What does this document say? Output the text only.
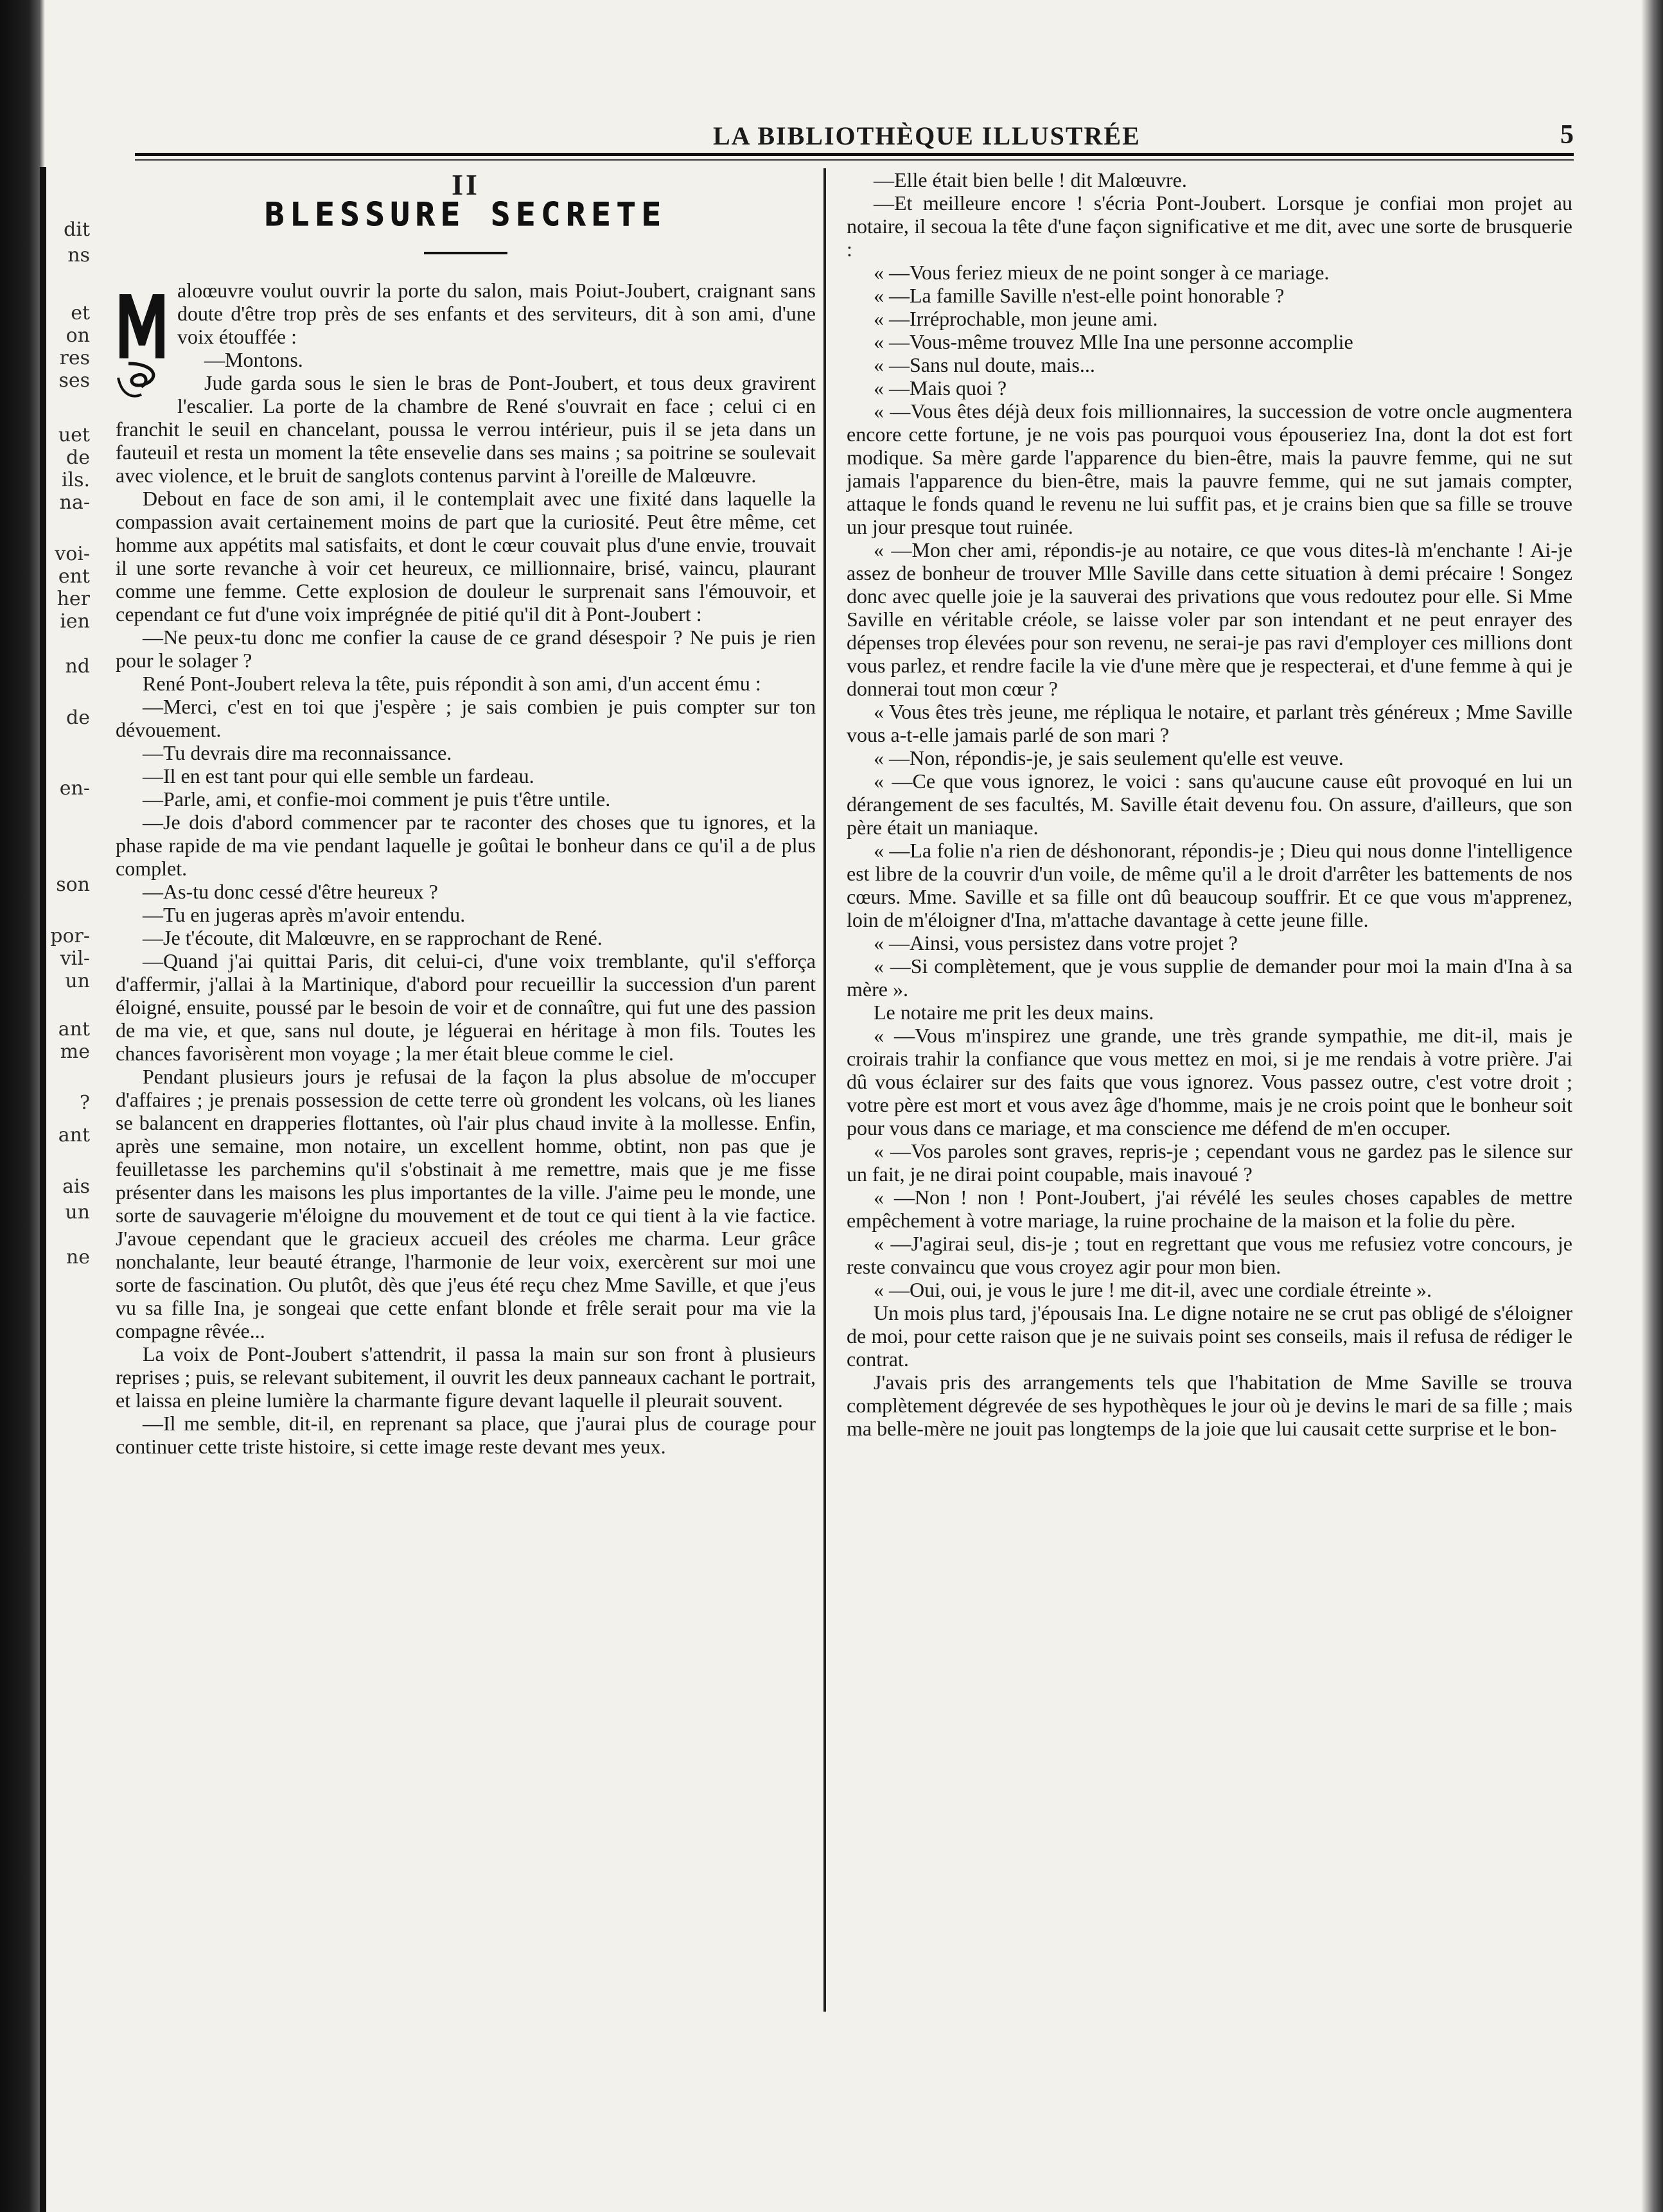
dit
ns
et
on
res
ses
uet
de
ils.
na-
voi-
ent
her
ien
nd
de
en-
son
por-
vil-
un
ant
me
?
ant
ais
un
ne
LA BIBLIOTHÈQUE ILLUSTRÉE	5
II
BLESSURE SECRETE

aloœuvre voulut ouvrir la porte du salon, mais Poiut-Joubert, craignant sans doute d'être trop près de ses enfants et des serviteurs, dit à son ami, d'une voix étouffée :

—Montons.

Jude garda sous le sien le bras de Pont-Joubert, et tous deux gravirent l'escalier. La porte de la chambre de René s'ouvrait en face ; celui ci en franchit le seuil en chancelant, poussa le verrou intérieur, puis il se jeta dans un fauteuil et resta un moment la tête ensevelie dans ses mains ; sa poitrine se soulevait avec violence, et le bruit de sanglots contenus parvint à l'oreille de Malœuvre.

Debout en face de son ami, il le contemplait avec une fixité dans laquelle la compassion avait certainement moins de part que la curiosité. Peut être même, cet homme aux appétits mal satisfaits, et dont le cœur couvait plus d'une envie, trouvait il une sorte revanche à voir cet heureux, ce millionnaire, brisé, vaincu, plaurant comme une femme. Cette explosion de douleur le surprenait sans l'émouvoir, et cependant ce fut d'une voix imprégnée de pitié qu'il dit à Pont-Joubert :

—Ne peux-tu donc me confier la cause de ce grand désespoir ? Ne puis je rien pour le solager ?

René Pont-Joubert releva la tête, puis répondit à son ami, d'un accent ému :

—Merci, c'est en toi que j'espère ; je sais combien je puis compter sur ton dévouement.

—Tu devrais dire ma reconnaissance.

—Il en est tant pour qui elle semble un fardeau.

—Parle, ami, et confie-moi comment je puis t'être untile.

—Je dois d'abord commencer par te raconter des choses que tu ignores, et la phase rapide de ma vie pendant laquelle je goûtai le bonheur dans ce qu'il a de plus complet.

—As-tu donc cessé d'être heureux ?

—Tu en jugeras après m'avoir entendu.

—Je t'écoute, dit Malœuvre, en se rapprochant de René.

—Quand j'ai quittai Paris, dit celui-ci, d'une voix tremblante, qu'il s'efforça d'affermir, j'allai à la Martinique, d'abord pour recueillir la succession d'un parent éloigné, ensuite, poussé par le besoin de voir et de connaître, qui fut une des passion de ma vie, et que, sans nul doute, je léguerai en héritage à mon fils. Toutes les chances favorisèrent mon voyage ; la mer était bleue comme le ciel.

Pendant plusieurs jours je refusai de la façon la plus absolue de m'occuper d'affaires ; je prenais possession de cette terre où grondent les volcans, où les lianes se balancent en drapperies flottantes, où l'air plus chaud invite à la mollesse. Enfin, après une semaine, mon notaire, un excellent homme, obtint, non pas que je feuilletasse les parchemins qu'il s'obstinait à me remettre, mais que je me fisse présenter dans les maisons les plus importantes de la ville. J'aime peu le monde, une sorte de sauvagerie m'éloigne du mouvement et de tout ce qui tient à la vie factice. J'avoue cependant que le gracieux accueil des créoles me charma. Leur grâce nonchalante, leur beauté étrange, l'harmonie de leur voix, exercèrent sur moi une sorte de fascination. Ou plutôt, dès que j'eus été reçu chez Mme Saville, et que j'eus vu sa fille Ina, je songeai que cette enfant blonde et frêle serait pour ma vie la compagne rêvée...

La voix de Pont-Joubert s'attendrit, il passa la main sur son front à plusieurs reprises ; puis, se relevant subitement, il ouvrit les deux panneaux cachant le portrait, et laissa en pleine lumière la charmante figure devant laquelle il pleurait souvent.

—Il me semble, dit-il, en reprenant sa place, que j'aurai plus de courage pour continuer cette triste histoire, si cette image reste devant mes yeux.

—Elle était bien belle ! dit Malœuvre.

—Et meilleure encore ! s'écria Pont-Joubert. Lorsque je confiai mon projet au notaire, il secoua la tête d'une façon significative et me dit, avec une sorte de brusquerie :

« —Vous feriez mieux de ne point songer à ce mariage.

« —La famille Saville n'est-elle point honorable ?

« —Irréprochable, mon jeune ami.

« —Vous-même trouvez Mlle Ina une personne accomplie

« —Sans nul doute, mais...

« —Mais quoi ?

« —Vous êtes déjà deux fois millionnaires, la succession de votre oncle augmentera encore cette fortune, je ne vois pas pourquoi vous épouseriez Ina, dont la dot est fort modique. Sa mère garde l'apparence du bien-être, mais la pauvre femme, qui ne sut jamais l'apparence du bien-être, mais la pauvre femme, qui ne sut jamais compter, attaque le fonds quand le revenu ne lui suffit pas, et je crains bien que sa fille se trouve un jour presque tout ruinée.

« —Mon cher ami, répondis-je au notaire, ce que vous dites-là m'enchante ! Ai-je assez de bonheur de trouver Mlle Saville dans cette situation à demi précaire ! Songez donc avec quelle joie je la sauverai des privations que vous redoutez pour elle. Si Mme Saville en véritable créole, se laisse voler par son intendant et ne peut enrayer des dépenses trop élevées pour son revenu, ne serai-je pas ravi d'employer ces millions dont vous parlez, et rendre facile la vie d'une mère que je respecterai, et d'une femme à qui je donnerai tout mon cœur ?

« Vous êtes très jeune, me répliqua le notaire, et parlant très généreux ; Mme Saville vous a-t-elle jamais parlé de son mari ?

« —Non, répondis-je, je sais seulement qu'elle est veuve.

« —Ce que vous ignorez, le voici : sans qu'aucune cause eût provoqué en lui un dérangement de ses facultés, M. Saville était devenu fou. On assure, d'ailleurs, que son père était un maniaque.

« —La folie n'a rien de déshonorant, répondis-je ; Dieu qui nous donne l'intelligence est libre de la couvrir d'un voile, de même qu'il a le droit d'arrêter les battements de nos cœurs. Mme. Saville et sa fille ont dû beaucoup souffrir. Et ce que vous m'apprenez, loin de m'éloigner d'Ina, m'attache davantage à cette jeune fille.

« —Ainsi, vous persistez dans votre projet ?

« —Si complètement, que je vous supplie de demander pour moi la main d'Ina à sa mère ».

Le notaire me prit les deux mains.

« —Vous m'inspirez une grande, une très grande sympathie, me dit-il, mais je croirais trahir la confiance que vous mettez en moi, si je me rendais à votre prière. J'ai dû vous éclairer sur des faits que vous ignorez. Vous passez outre, c'est votre droit ; votre père est mort et vous avez âge d'homme, mais je ne crois point que le bonheur soit pour vous dans ce mariage, et ma conscience me défend de m'en occuper.

« —Vos paroles sont graves, repris-je ; cependant vous ne gardez pas le silence sur un fait, je ne dirai point coupable, mais inavoué ?

« —Non ! non ! Pont-Joubert, j'ai révélé les seules choses capables de mettre empêchement à votre mariage, la ruine prochaine de la maison et la folie du père.

« —J'agirai seul, dis-je ; tout en regrettant que vous me refusiez votre concours, je reste convaincu que vous croyez agir pour mon bien.

« —Oui, oui, je vous le jure ! me dit-il, avec une cordiale étreinte ».

Un mois plus tard, j'épousais Ina. Le digne notaire ne se crut pas obligé de s'éloigner de moi, pour cette raison que je ne suivais point ses conseils, mais il refusa de rédiger le contrat.

J'avais pris des arrangements tels que l'habitation de Mme Saville se trouva complètement dégrevée de ses hypothèques le jour où je devins le mari de sa fille ; mais ma belle-mère ne jouit pas longtemps de la joie que lui causait cette surprise et le bon-
